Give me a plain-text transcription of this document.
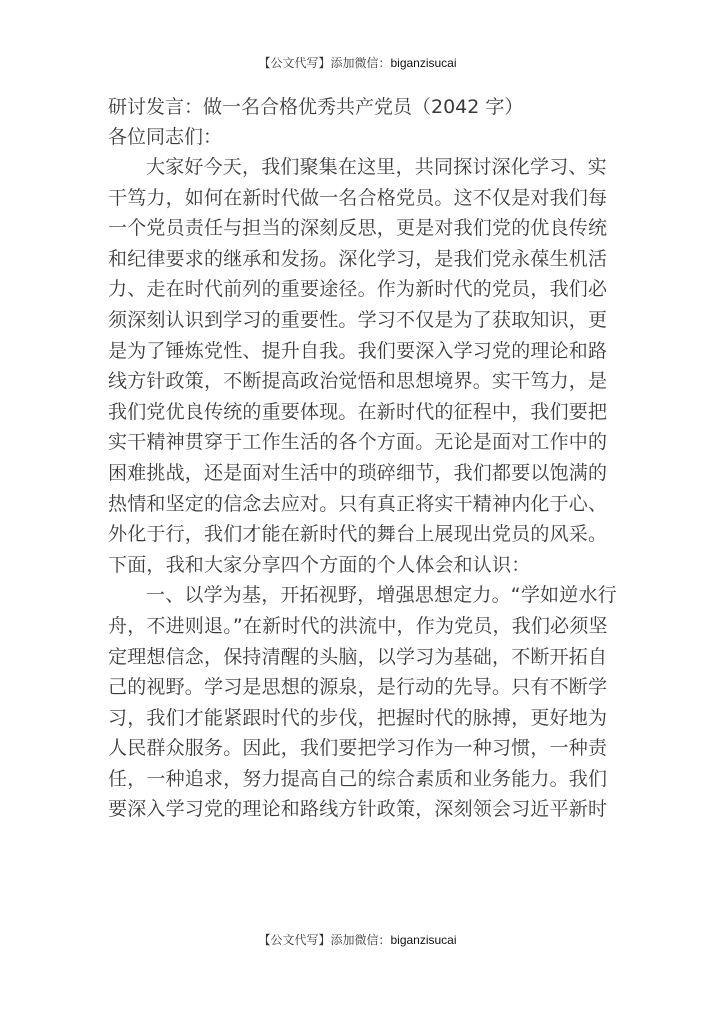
【公文代写】添加微信：biganzisucai
研讨发言：做一名合格优秀共产党员（2042 字）
各位同志们：
大家好今天，我们聚集在这里，共同探讨深化学习、实
干笃力，如何在新时代做一名合格党员。这不仅是对我们每
一个党员责任与担当的深刻反思，更是对我们党的优良传统
和纪律要求的继承和发扬。深化学习，是我们党永葆生机活
力、走在时代前列的重要途径。作为新时代的党员，我们必
须深刻认识到学习的重要性。学习不仅是为了获取知识，更
是为了锤炼党性、提升自我。我们要深入学习党的理论和路
线方针政策，不断提高政治觉悟和思想境界。实干笃力，是
我们党优良传统的重要体现。在新时代的征程中，我们要把
实干精神贯穿于工作生活的各个方面。无论是面对工作中的
困难挑战，还是面对生活中的琐碎细节，我们都要以饱满的
热情和坚定的信念去应对。只有真正将实干精神内化于心、
外化于行，我们才能在新时代的舞台上展现出党员的风采。
下面，我和大家分享四个方面的个人体会和认识：
一、以学为基，开拓视野，增强思想定力。“学如逆水行
舟，不进则退。”在新时代的洪流中，作为党员，我们必须坚
定理想信念，保持清醒的头脑，以学习为基础，不断开拓自
己的视野。学习是思想的源泉，是行动的先导。只有不断学
习，我们才能紧跟时代的步伐，把握时代的脉搏，更好地为
人民群众服务。因此，我们要把学习作为一种习惯，一种责
任，一种追求，努力提高自己的综合素质和业务能力。我们
要深入学习党的理论和路线方针政策，深刻领会习近平新时
【公文代写】添加微信：biganzisucai
